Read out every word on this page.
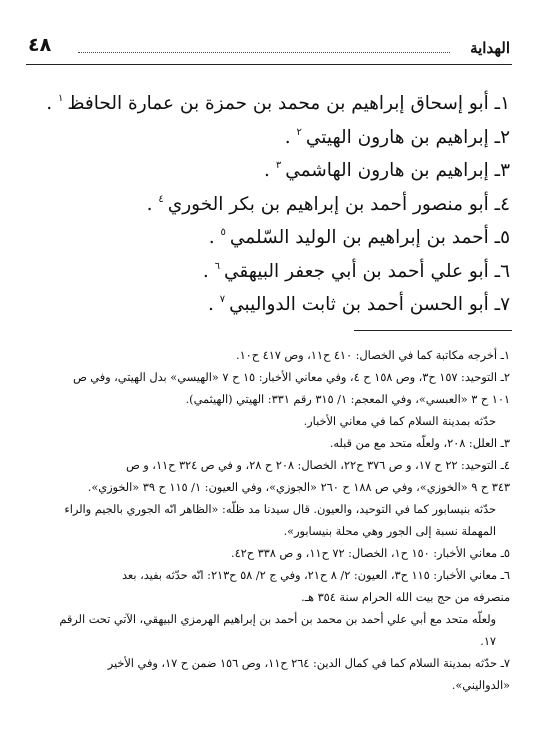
الهداية
٤٨
١ـ أبو إسحاق إبراهيم بن محمد بن حمزة بن عمارة الحافظ$^١$ .
٢ـ إبراهيم بن هارون الهيتي$^٢$ .
٣ـ إبراهيم بن هارون الهاشمي$^٣$ .
٤ـ أبو منصور أحمد بن إبراهيم بن بكر الخوري$^٤$ .
٥ـ أحمد بن إبراهيم بن الوليد السّلمي$^٥$ .
٦ـ أبو علي أحمد بن أبي جعفر البيهقي$^٦$ .
٧ـ أبو الحسن أحمد بن ثابت الدواليبي$^٧$ .

١ـ أخرجه مكاتبة كما في الخصال: ٤١٠ ح١١، وص ٤١٧ ح١٠.

٢ـ التوحيد: ١٥٧ ح٣، وص ١٥٨ ح ٤، وفي معاني الأخبار: ١٥ ح ٧ «الهيسي» بدل الهيتي، وفي ص

١٠١ ح ٣ «العبسي»، وفي المعجم: ١/ ٣١٥ رقم ٣٣١: الهيتي (الهيثمي).

حدّثه بمدينة السلام كما في معاني الأخبار.

٣ـ العلل: ٢٠٨، ولعلّه متحد مع من قبله.

٤ـ التوحيد: ٢٢ ح ١٧، و ص ٣٧٦ ح٢٢، الخصال: ٢٠٨ ح ٢٨، و في ص ٣٢٤ ح١١، و ص

٣٤٣ ح ٩ «الخوزي»، وفي ص ١٨٨ ح ٢٦٠ «الجوزي»، وفي العيون: ١/ ١١٥ ح ٣٩ «الخوزي».

حدّثه بنيسابور كما في التوحيد، والعيون. قال سيدنا مد ظلّه: «الظاهر انّه الجوري بالجيم والراء

المهملة نسبة إلى الجور وهي محلة بنيسابور».

٥ـ معاني الأخبار: ١٥٠ ح١، الخصال: ٧٢ ح١١، و ص ٣٣٨ ح٤٢.

٦ـ معاني الأخبار: ١١٥ ح٣، العيون: ٢/ ٨ ح٢١، وفي ج ٢/ ٥٨ ح٢١٣: انّه حدّثه بفيد، بعد

منصرفه من حج بيت الله الحرام سنة ٣٥٤ هـ.

ولعلّه متحد مع أبي علي أحمد بن محمد بن أحمد بن إبراهيم الهرمزي البيهقي، الآتي تحت الرقم

١٧.

٧ـ حدّثه بمدينة السلام كما في كمال الدين: ٢٦٤ ح١١، وص ١٥٦ ضمن ح ١٧، وفي الأخير

«الدواليني».
